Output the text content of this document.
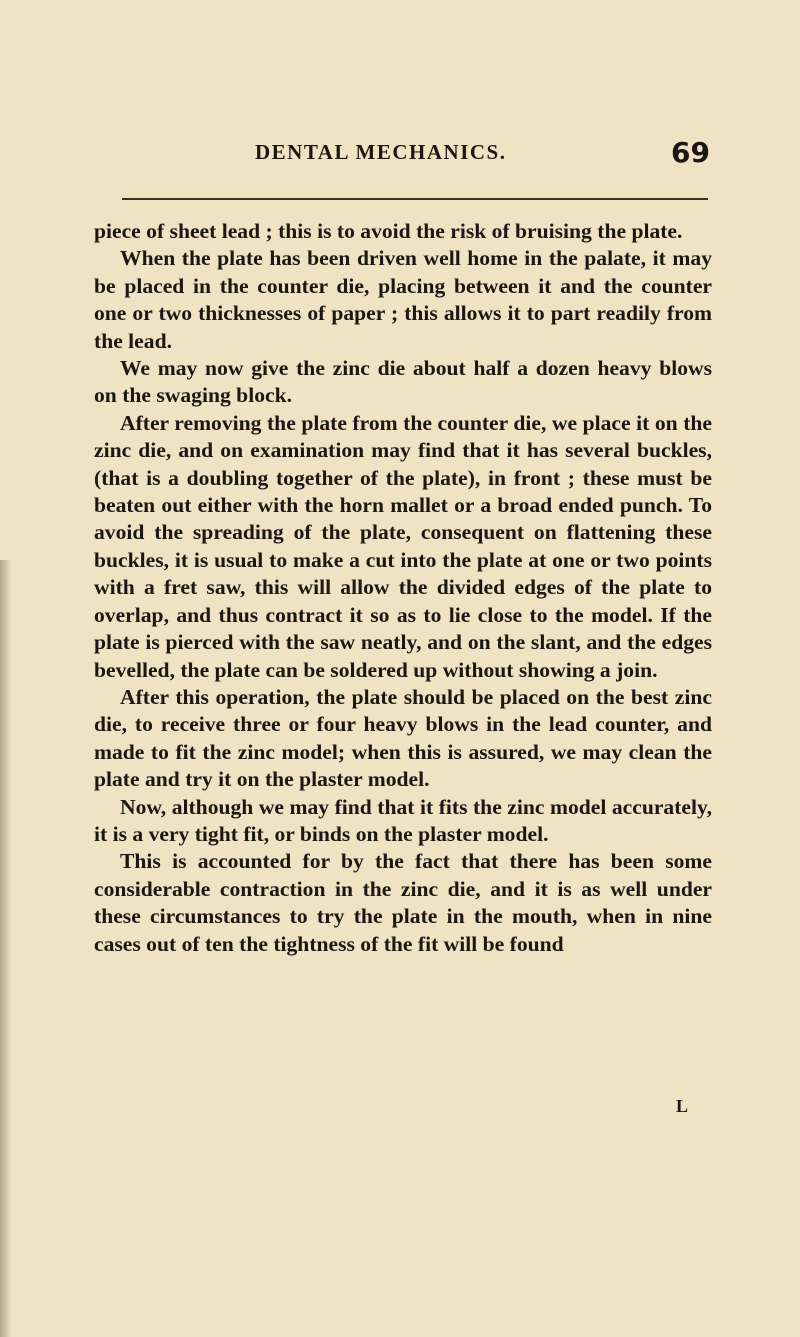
DENTAL MECHANICS.	69

piece of sheet lead ; this is to avoid the risk of bruising the plate.

When the plate has been driven well home in the palate, it may be placed in the counter die, placing between it and the counter one or two thicknesses of paper ; this allows it to part readily from the lead.

We may now give the zinc die about half a dozen heavy blows on the swaging block.

After removing the plate from the counter die, we place it on the zinc die, and on examination may find that it has several buckles, (that is a doubling together of the plate), in front ; these must be beaten out either with the horn mallet or a broad ended punch. To avoid the spreading of the plate, consequent on flattening these buckles, it is usual to make a cut into the plate at one or two points with a fret saw, this will allow the divided edges of the plate to overlap, and thus contract it so as to lie close to the model. If the plate is pierced with the saw neatly, and on the slant, and the edges bevelled, the plate can be soldered up without showing a join.

After this operation, the plate should be placed on the best zinc die, to receive three or four heavy blows in the lead counter, and made to fit the zinc model; when this is assured, we may clean the plate and try it on the plaster model.

Now, although we may find that it fits the zinc model accurately, it is a very tight fit, or binds on the plaster model.

This is accounted for by the fact that there has been some considerable contraction in the zinc die, and it is as well under these circumstances to try the plate in the mouth, when in nine cases out of ten the tightness of the fit will be found

L
